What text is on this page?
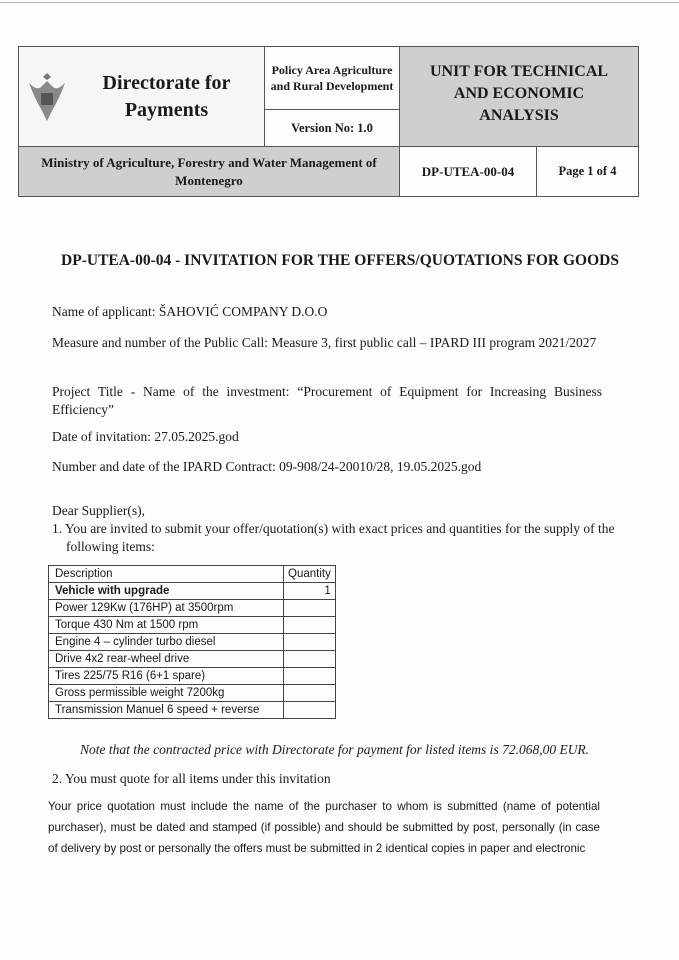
Directorate for Payments
Policy Area Agriculture and Rural Development
Version No: 1.0
UNIT FOR TECHNICAL AND ECONOMIC ANALYSIS
Ministry of Agriculture, Forestry and Water Management of Montenegro
DP-UTEA-00-04	Page 1 of 4
DP-UTEA-00-04 - INVITATION FOR THE OFFERS/QUOTATIONS FOR GOODS
Name of applicant: ŠAHOVIĆ COMPANY D.O.O
Measure and number of the Public Call: Measure 3, first public call – IPARD III program 2021/2027
Project Title - Name of the investment: “Procurement of Equipment for Increasing Business Efficiency”
Date of invitation: 27.05.2025.god
Number and date of the IPARD Contract: 09-908/24-20010/28, 19.05.2025.god
Dear Supplier(s),
1. You are invited to submit your offer/quotation(s) with exact prices and quantities for the supply of the following items:
Description	Quantity
Vehicle with upgrade	1
Power 129Kw (176HP) at 3500rpm	
Torque 430 Nm at 1500 rpm	
Engine 4 – cylinder turbo diesel	
Drive 4x2 rear-wheel drive	
Tires 225/75 R16 (6+1 spare)	
Gross permissible weight 7200kg	
Transmission Manuel 6 speed + reverse	
Note that the contracted price with Directorate for payment for listed items is 72.068,00 EUR.
2. You must quote for all items under this invitation
Your price quotation must include the name of the purchaser to whom is submitted (name of potential purchaser), must be dated and stamped (if possible) and should be submitted by post, personally (in case of delivery by post or personally the offers must be submitted in 2 identical copies in paper and electronic
